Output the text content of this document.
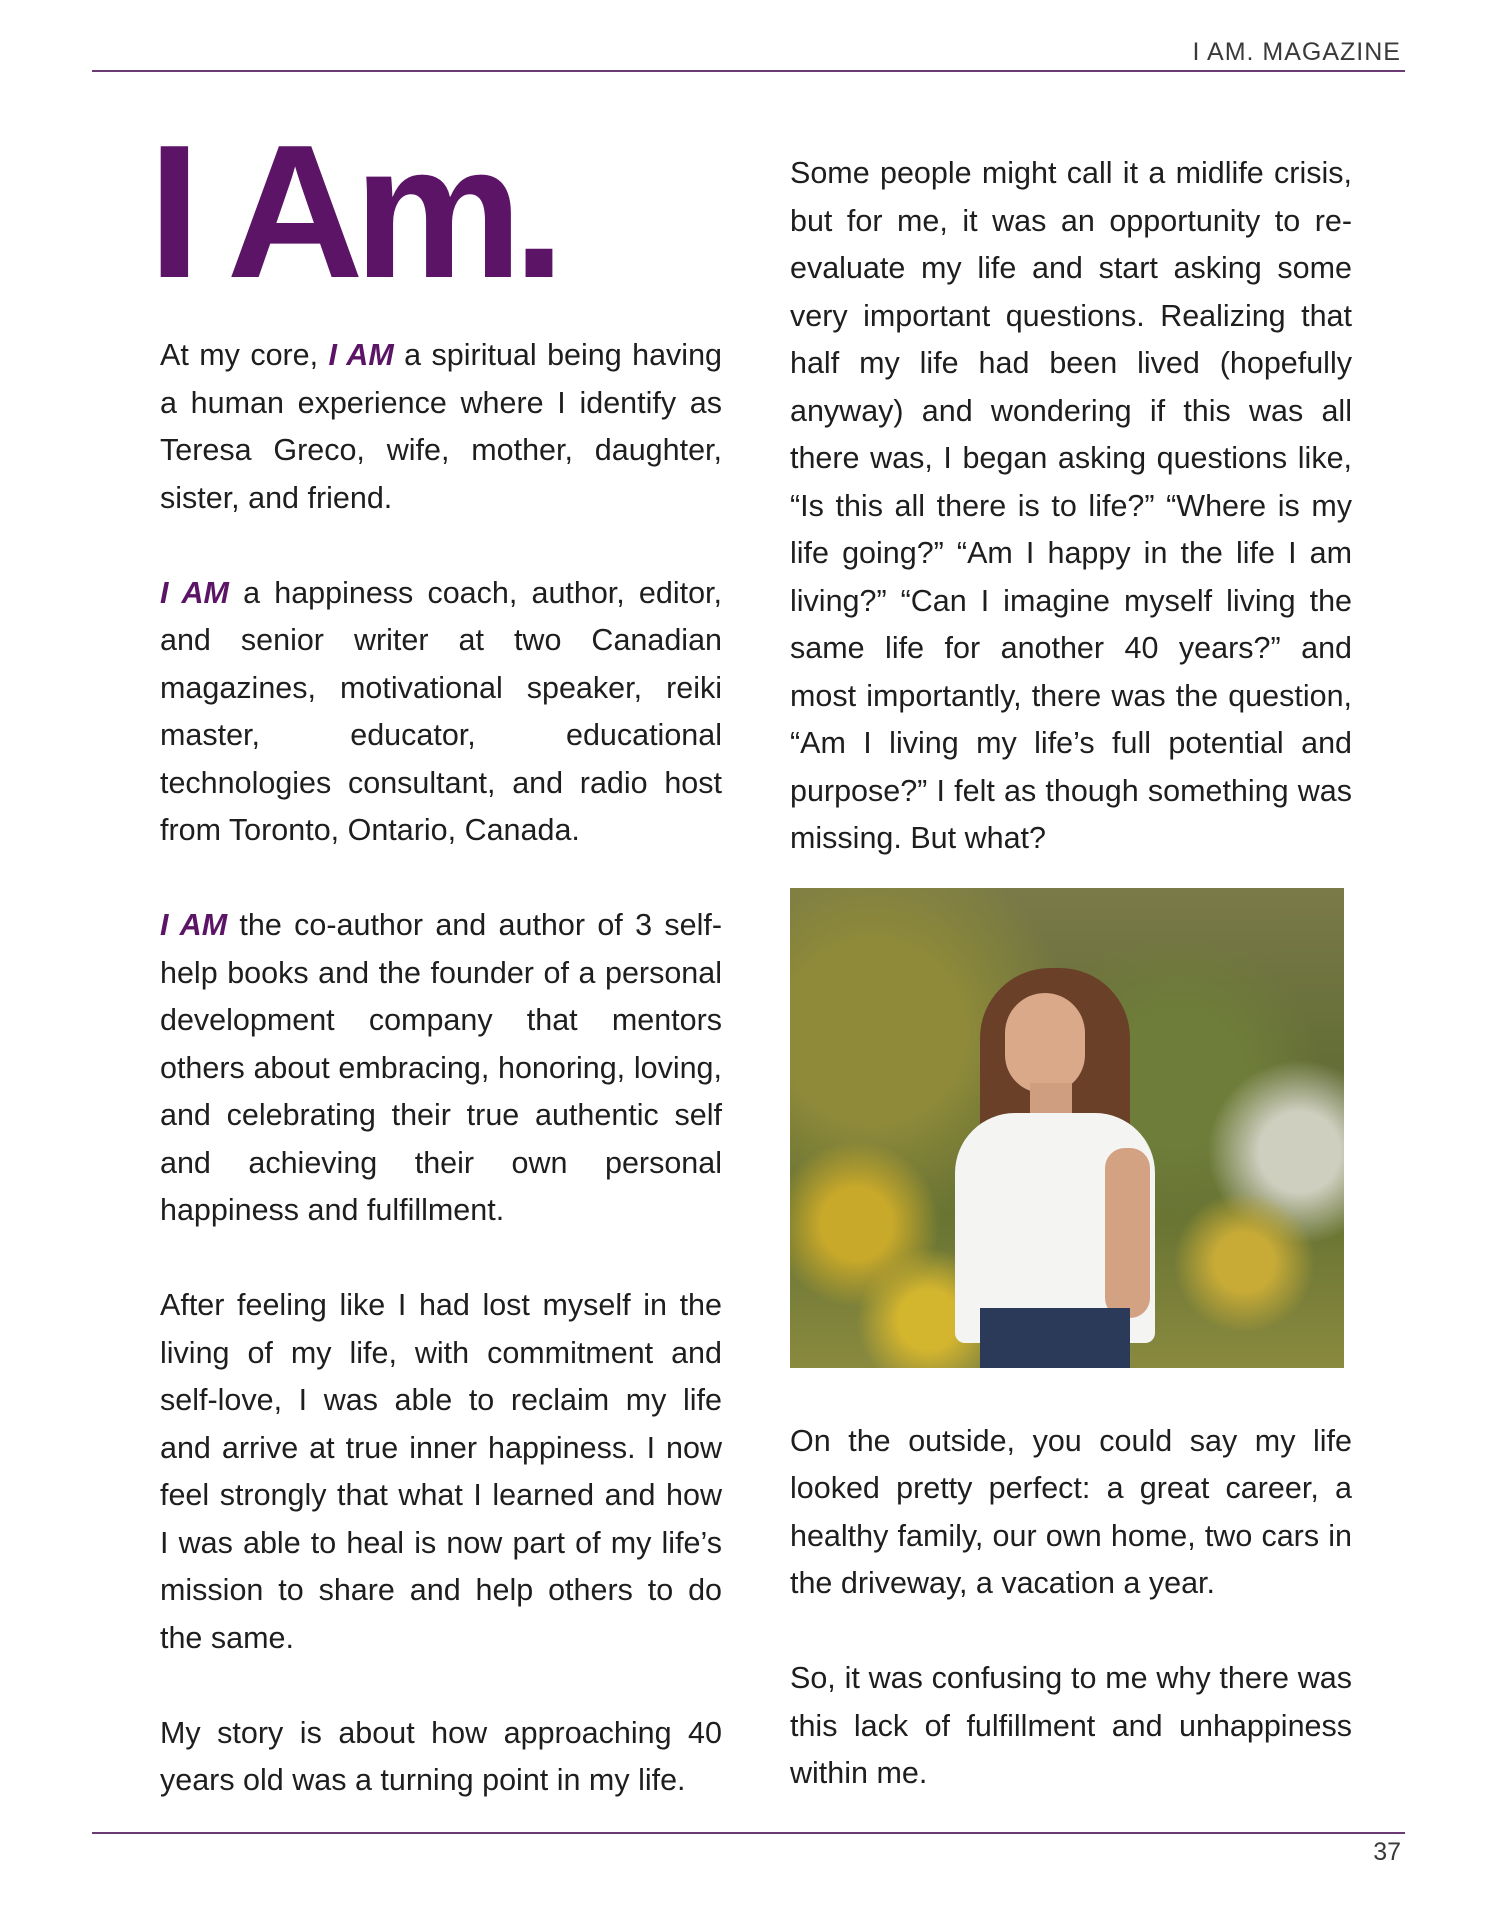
I AM. MAGAZINE
I Am.

At my core, I AM a spiritual being having a human experience where I identify as Teresa Greco, wife, mother, daughter, sister, and friend.

I AM a happiness coach, author, editor, and senior writer at two Canadian magazines, motivational speaker, reiki master, educator, educational technologies consultant, and radio host from Toronto, Ontario, Canada.

I AM the co-author and author of 3 self-help books and the founder of a personal development company that mentors others about embracing, honoring, loving, and celebrating their true authentic self and achieving their own personal happiness and fulfillment.

After feeling like I had lost myself in the living of my life, with commitment and self-love, I was able to reclaim my life and arrive at true inner happiness. I now feel strongly that what I learned and how I was able to heal is now part of my life’s mission to share and help others to do the same.

My story is about how approaching 40 years old was a turning point in my life.

Some people might call it a midlife crisis, but for me, it was an opportunity to re-evaluate my life and start asking some very important questions. Realizing that half my life had been lived (hopefully anyway) and wondering if this was all there was, I began asking questions like, “Is this all there is to life?” “Where is my life going?” “Am I happy in the life I am living?” “Can I imagine myself living the same life for another 40 years?” and most importantly, there was the question, “Am I living my life’s full potential and purpose?” I felt as though something was missing. But what?

On the outside, you could say my life looked pretty perfect: a great career, a healthy family, our own home, two cars in the driveway, a vacation a year.

So, it was confusing to me why there was this lack of fulfillment and unhappiness within me.

37
